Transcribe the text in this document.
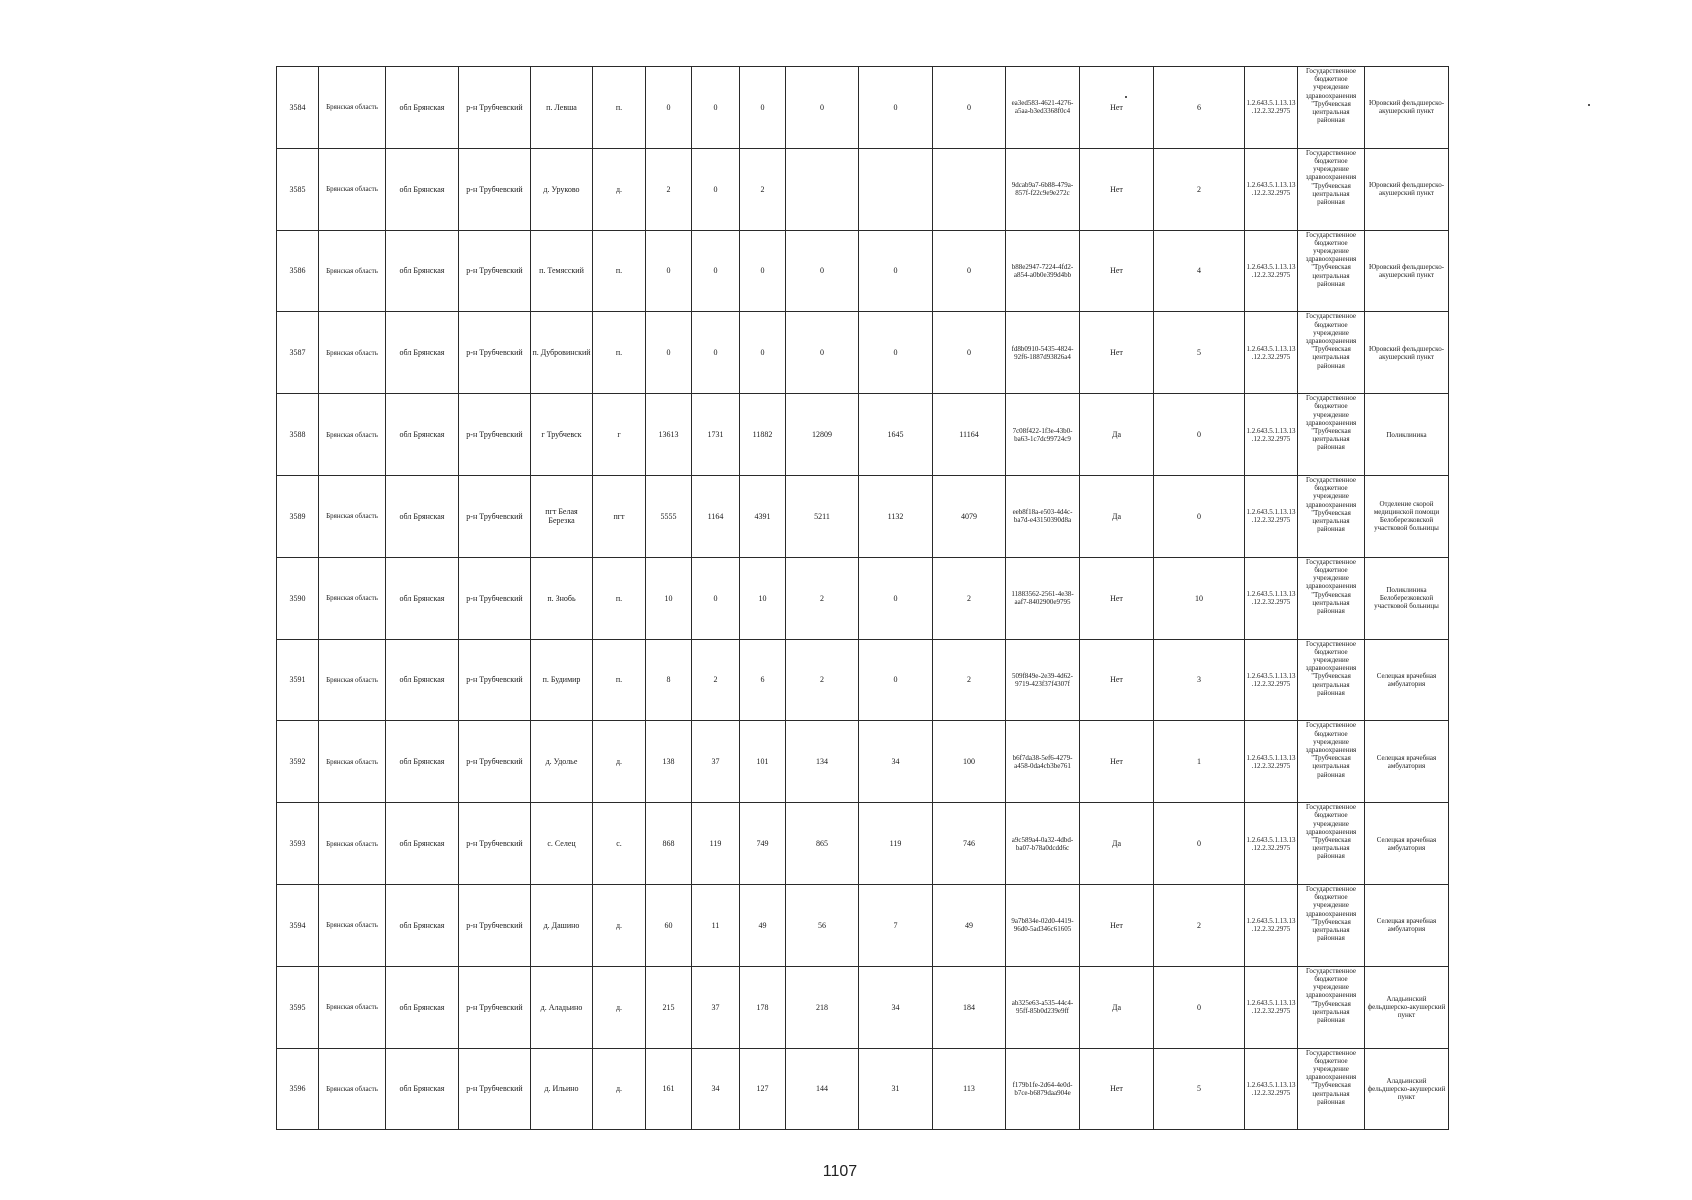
3584	Брянская область	обл Брянская	р-н Трубчевский	п. Левша	п.	0	0	0	0	0	0	ea3ed583-4621-4276-a5aa-b3ed3368f0c4	Нет	6	1.2.643.5.1.13.13.12.2.32.2975	Государственное бюджетное учреждение здравоохранения "Трубчевская центральная районная	Юровский фельдшерско-акушерский пункт
3585	Брянская область	обл Брянская	р-н Трубчевский	д. Уруково	д.	2	0	2				9dcab9a7-6b88-479a-857f-f22c9e9e272c	Нет	2	1.2.643.5.1.13.13.12.2.32.2975	Государственное бюджетное учреждение здравоохранения "Трубчевская центральная районная	Юровский фельдшерско-акушерский пункт
3586	Брянская область	обл Брянская	р-н Трубчевский	п. Темясский	п.	0	0	0	0	0	0	b88e2947-7224-4fd2-a854-a0b0e399d4bb	Нет	4	1.2.643.5.1.13.13.12.2.32.2975	Государственное бюджетное учреждение здравоохранения "Трубчевская центральная районная	Юровский фельдшерско-акушерский пункт
3587	Брянская область	обл Брянская	р-н Трубчевский	п. Дубровинский	п.	0	0	0	0	0	0	fd8b0910-5435-4824-92f6-1887d93826a4	Нет	5	1.2.643.5.1.13.13.12.2.32.2975	Государственное бюджетное учреждение здравоохранения "Трубчевская центральная районная	Юровский фельдшерско-акушерский пункт
3588	Брянская область	обл Брянская	р-н Трубчевский	г Трубчевск	г	13613	1731	11882	12809	1645	11164	7c08f422-1f3e-43b0-ba63-1c7dc99724c9	Да	0	1.2.643.5.1.13.13.12.2.32.2975	Государственное бюджетное учреждение здравоохранения "Трубчевская центральная районная	Поликлиника
3589	Брянская область	обл Брянская	р-н Трубчевский	пгт Белая Березка	пгт	5555	1164	4391	5211	1132	4079	eeb8f18a-e503-4d4c-ba7d-e43150390d8a	Да	0	1.2.643.5.1.13.13.12.2.32.2975	Государственное бюджетное учреждение здравоохранения "Трубчевская центральная районная	Отделение скорой медицинской помощи Белоберезковской участковой больницы
3590	Брянская область	обл Брянская	р-н Трубчевский	п. Знобь	п.	10	0	10	2	0	2	11883562-2561-4e38-aaf7-8402900e9795	Нет	10	1.2.643.5.1.13.13.12.2.32.2975	Государственное бюджетное учреждение здравоохранения "Трубчевская центральная районная	Поликлиника Белоберезковской участковой больницы
3591	Брянская область	обл Брянская	р-н Трубчевский	п. Будимир	п.	8	2	6	2	0	2	509f849e-2e39-4d62-9719-423f37f4307f	Нет	3	1.2.643.5.1.13.13.12.2.32.2975	Государственное бюджетное учреждение здравоохранения "Трубчевская центральная районная	Селецкая врачебная амбулатория
3592	Брянская область	обл Брянская	р-н Трубчевский	д. Удолье	д.	138	37	101	134	34	100	b6f7da38-5ef6-4279-a458-0da4cb3be761	Нет	1	1.2.643.5.1.13.13.12.2.32.2975	Государственное бюджетное учреждение здравоохранения "Трубчевская центральная районная	Селецкая врачебная амбулатория
3593	Брянская область	обл Брянская	р-н Трубчевский	с. Селец	с.	868	119	749	865	119	746	a9c589a4-0a32-4dbd-ba07-b78a0dcdd6c	Да	0	1.2.643.5.1.13.13.12.2.32.2975	Государственное бюджетное учреждение здравоохранения "Трубчевская центральная районная	Селецкая врачебная амбулатория
3594	Брянская область	обл Брянская	р-н Трубчевский	д. Дашино	д.	60	11	49	56	7	49	9a7b834e-02d0-4419-96d0-5ad346c61605	Нет	2	1.2.643.5.1.13.13.12.2.32.2975	Государственное бюджетное учреждение здравоохранения "Трубчевская центральная районная	Селецкая врачебная амбулатория
3595	Брянская область	обл Брянская	р-н Трубчевский	д. Аладьино	д.	215	37	178	218	34	184	ab325e63-a535-44c4-95ff-85b0d239e9ff	Да	0	1.2.643.5.1.13.13.12.2.32.2975	Государственное бюджетное учреждение здравоохранения "Трубчевская центральная районная	Аладьинский фельдшерско-акушерский пункт
3596	Брянская область	обл Брянская	р-н Трубчевский	д. Ильино	д.	161	34	127	144	31	113	f179b1fe-2d64-4e0d-b7ce-b6879daa904e	Нет	5	1.2.643.5.1.13.13.12.2.32.2975	Государственное бюджетное учреждение здравоохранения "Трубчевская центральная районная	Аладьинский фельдшерско-акушерский пункт
1107
